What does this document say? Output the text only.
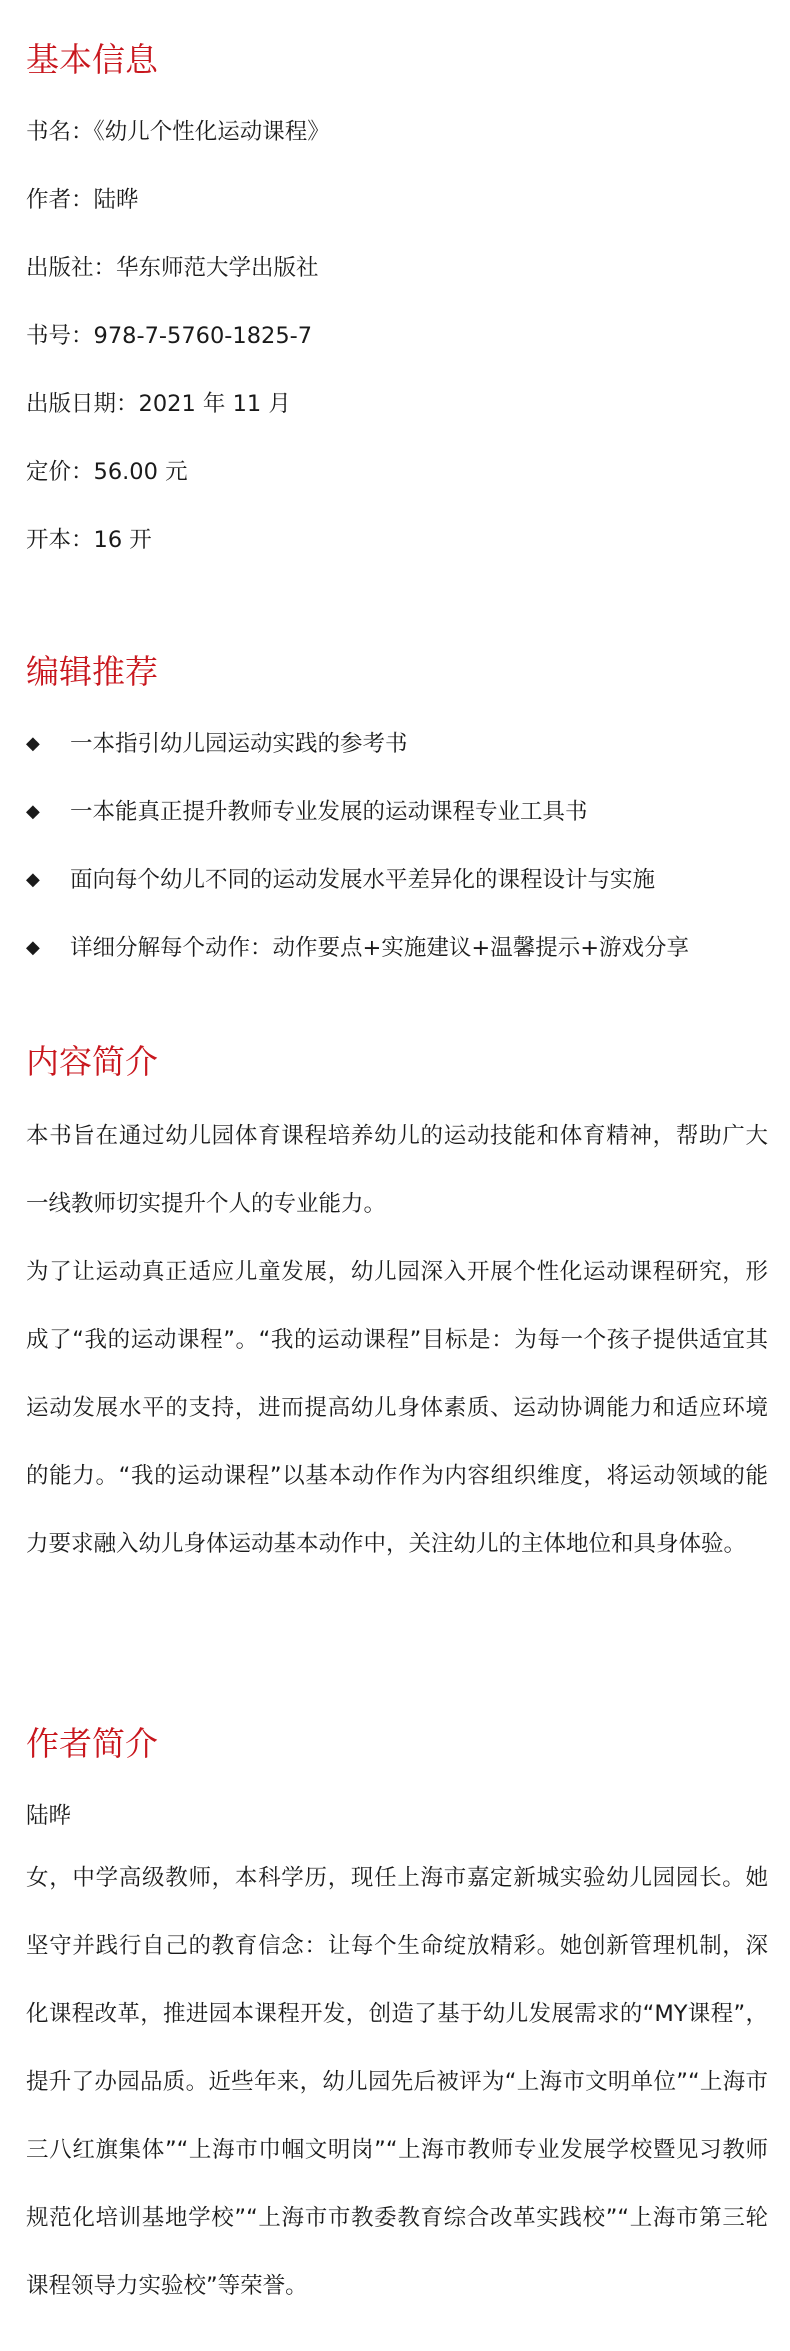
基本信息
书名：《幼儿个性化运动课程》
作者：陆晔
出版社：华东师范大学出版社
书号：978-7-5760-1825-7
出版日期：2021 年 11 月
定价：56.00 元
开本：16 开
编辑推荐
◆ 一本指引幼儿园运动实践的参考书
◆ 一本能真正提升教师专业发展的运动课程专业工具书
◆ 面向每个幼儿不同的运动发展水平差异化的课程设计与实施
◆ 详细分解每个动作：动作要点+实施建议+温馨提示+游戏分享
内容简介
本书旨在通过幼儿园体育课程培养幼儿的运动技能和体育精神，帮助广大一线教师切实提升个人的专业能力。
为了让运动真正适应儿童发展，幼儿园深入开展个性化运动课程研究，形成了“我的运动课程”。“我的运动课程”目标是：为每一个孩子提供适宜其运动发展水平的支持，进而提高幼儿身体素质、运动协调能力和适应环境的能力。“我的运动课程”以基本动作作为内容组织维度，将运动领域的能力要求融入幼儿身体运动基本动作中，关注幼儿的主体地位和具身体验。
作者简介
陆晔
女，中学高级教师，本科学历，现任上海市嘉定新城实验幼儿园园长。她坚守并践行自己的教育信念：让每个生命绽放精彩。她创新管理机制，深化课程改革，推进园本课程开发，创造了基于幼儿发展需求的“MY课程”，提升了办园品质。近些年来，幼儿园先后被评为“上海市文明单位”“上海市三八红旗集体”“上海市巾帼文明岗”“上海市教师专业发展学校暨见习教师规范化培训基地学校”“上海市市教委教育综合改革实践校”“上海市第三轮课程领导力实验校”等荣誉。
